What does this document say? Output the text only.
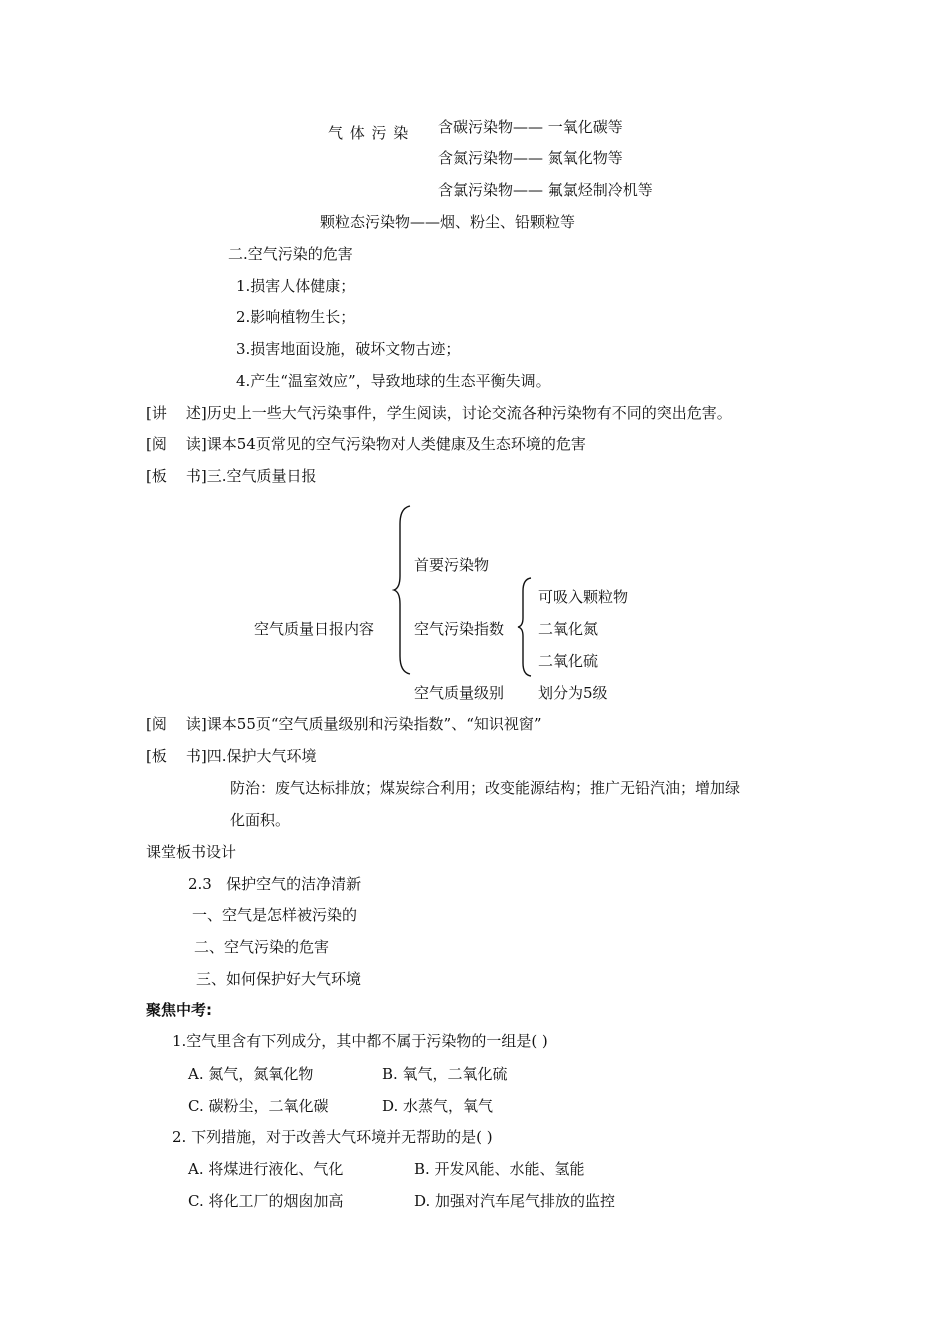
气 体 污 染 含碳污染物—— 一氧化碳等
含氮污染物—— 氮氧化物等
含氯污染物—— 氟氯烃制冷机等
颗粒态污染物——烟、粉尘、铅颗粒等
二.空气污染的危害
1.损害人体健康；
2.影响植物生长；
3.损害地面设施，破坏文物古迹；
4.产生“温室效应”，导致地球的生态平衡失调。
[讲    述]历史上一些大气污染事件，学生阅读，讨论交流各种污染物有不同的突出危害。
[阅    读]课本54页常见的空气污染物对人类健康及生态环境的危害
[板    书]三.空气质量日报
空气质量日报内容
首要污染物
空气污染指数
空气质量级别
可吸入颗粒物
二氧化氮
二氧化硫
划分为5级
[阅    读]课本55页“空气质量级别和污染指数”、“知识视窗”
[板    书]四.保护大气环境
防治：废气达标排放；煤炭综合利用；改变能源结构；推广无铅汽油；增加绿
化面积。
课堂板书设计
2.3   保护空气的洁净清新
一、空气是怎样被污染的
二、空气污染的危害
三、如何保护好大气环境
聚焦中考:
1.空气里含有下列成分，其中都不属于污染物的一组是( )
A. 氮气，氮氧化物	B. 氧气，二氧化硫
C. 碳粉尘，二氧化碳	D. 水蒸气，氧气
2. 下列措施，对于改善大气环境并无帮助的是( )
A. 将煤进行液化、气化	B. 开发风能、水能、氢能
C. 将化工厂的烟囱加高	D. 加强对汽车尾气排放的监控
